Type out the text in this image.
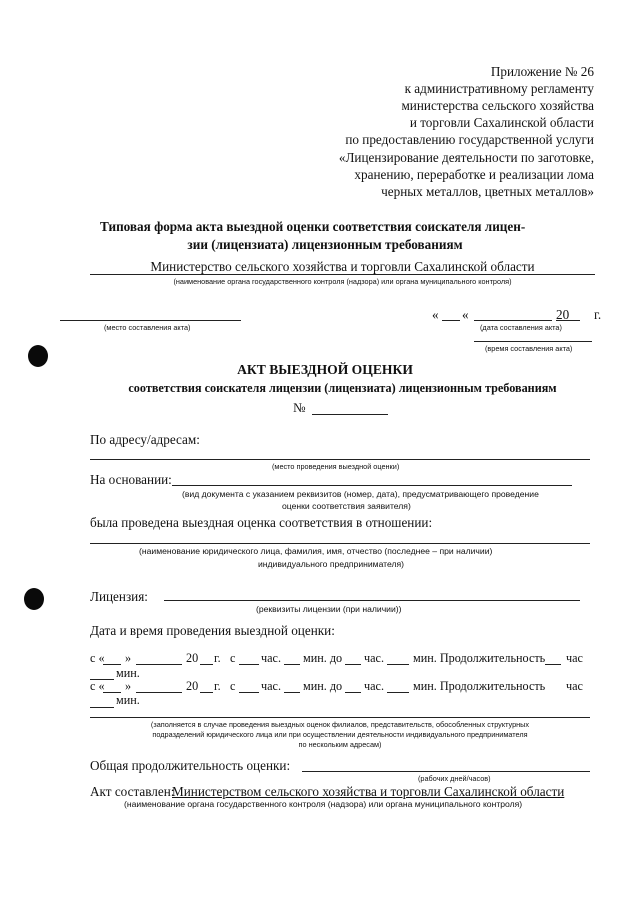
Приложение № 26
к административному регламенту
министерства сельского хозяйства
и торговли Сахалинской области
по предоставлению государственной услуги
«Лицензирование деятельности по заготовке,
хранению, переработке и реализации лома
черных металлов, цветных металлов»
Типовая форма акта выездной оценки соответствия соискателя лицен-
зии (лицензиата) лицензионным требованиям
Министерство сельского хозяйства и торговли Сахалинской области
(наименование органа государственного контроля (надзора) или органа муниципального контроля)
(место составления акта)
« «	20 г.
(дата составления акта)
(время составления акта)
АКТ ВЫЕЗДНОЙ ОЦЕНКИ
соответствия соискателя лицензии (лицензиата) лицензионным требованиям
№
По адресу/адресам:
(место проведения выездной оценки)
На основании:
(вид документа с указанием реквизитов (номер, дата), предусматривающего проведение
оценки соответствия заявителя)
была проведена выездная оценка соответствия в отношении:
(наименование юридического лица, фамилия, имя, отчество (последнее – при наличии)
индивидуального предпринимателя)
Лицензия:
(реквизиты лицензии (при наличии))
Дата и время проведения выездной оценки:
с « »	20 г. с час. мин. до час. мин. Продолжительность час
мин.
с « »	20 г. с час. мин. до час. мин. Продолжительность час
мин.
(заполняется в случае проведения выездных оценок филиалов, представительств, обособленных структурных
подразделений юридического лица или при осуществлении деятельности индивидуального предпринимателя
по нескольким адресам)
Общая продолжительность оценки:
(рабочих дней/часов)
Акт составлен:
Министерством сельского хозяйства и торговли Сахалинской области
(наименование органа государственного контроля (надзора) или органа муниципального контроля)
